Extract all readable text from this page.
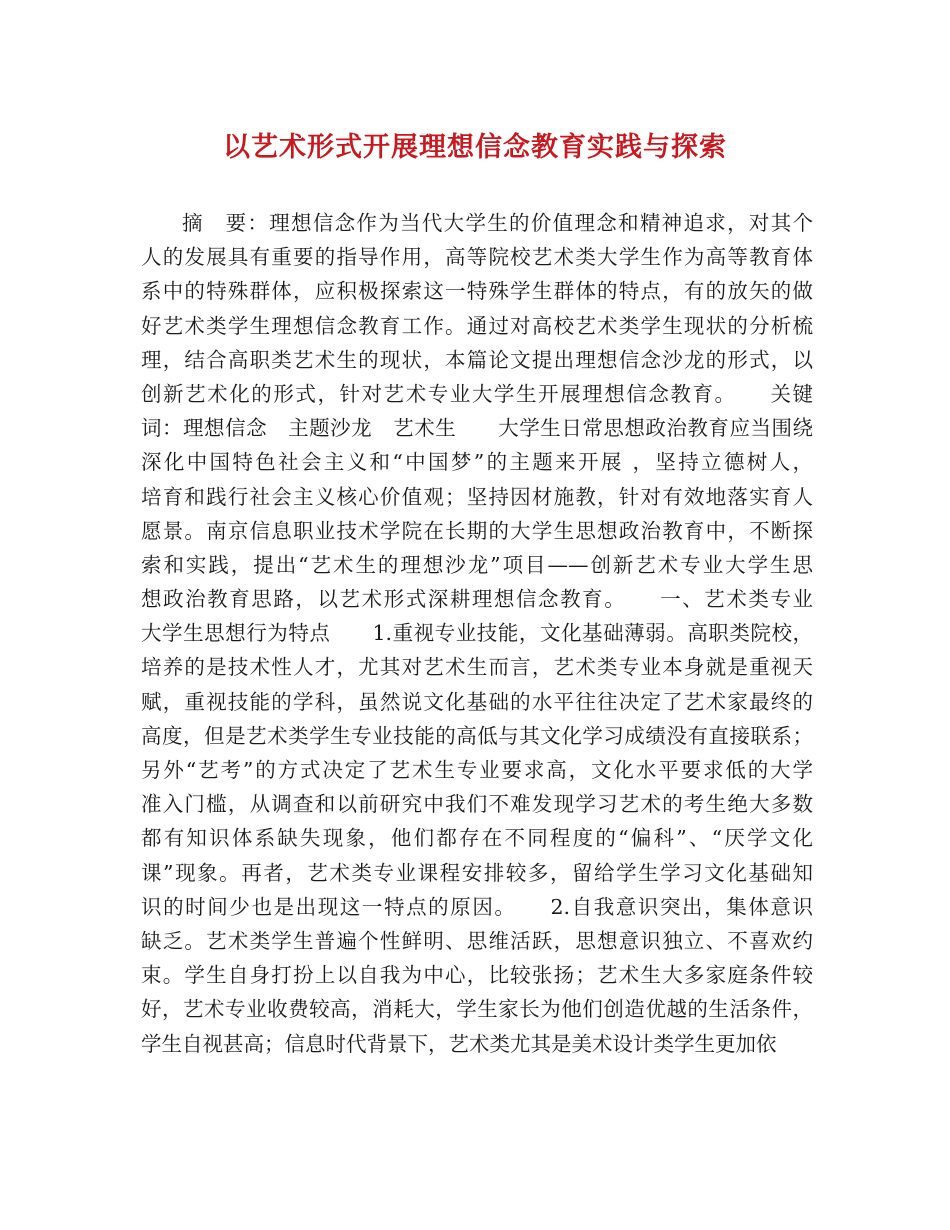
以艺术形式开展理想信念教育实践与探索
摘　要：理想信念作为当代大学生的价值理念和精神追求，对其个
人的发展具有重要的指导作用，高等院校艺术类大学生作为高等教育体
系中的特殊群体，应积极探索这一特殊学生群体的特点，有的放矢的做
好艺术类学生理想信念教育工作。通过对高校艺术类学生现状的分析梳
理，结合高职类艺术生的现状，本篇论文提出理想信念沙龙的形式，以
创新艺术化的形式，针对艺术专业大学生开展理想信念教育。　　关键
词：理想信念　主题沙龙　艺术生　　大学生日常思想政治教育应当围绕
深化中国特色社会主义和“中国梦”的主题来开展 ，坚持立德树人，
培育和践行社会主义核心价值观；坚持因材施教，针对有效地落实育人
愿景。南京信息职业技术学院在长期的大学生思想政治教育中，不断探
索和实践，提出“艺术生的理想沙龙”项目——创新艺术专业大学生思
想政治教育思路，以艺术形式深耕理想信念教育。　　一、艺术类专业
大学生思想行为特点　　1.重视专业技能，文化基础薄弱。高职类院校，
培养的是技术性人才，尤其对艺术生而言，艺术类专业本身就是重视天
赋，重视技能的学科，虽然说文化基础的水平往往决定了艺术家最终的
高度，但是艺术类学生专业技能的高低与其文化学习成绩没有直接联系；
另外“艺考”的方式决定了艺术生专业要求高，文化水平要求低的大学
准入门槛，从调查和以前研究中我们不难发现学习艺术的考生绝大多数
都有知识体系缺失现象，他们都存在不同程度的“偏科”、“厌学文化
课”现象。再者，艺术类专业课程安排较多，留给学生学习文化基础知
识的时间少也是出现这一特点的原因。　　2.自我意识突出，集体意识
缺乏。艺术类学生普遍个性鲜明、思维活跃，思想意识独立、不喜欢约
束。学生自身打扮上以自我为中心，比较张扬；艺术生大多家庭条件较
好，艺术专业收费较高，消耗大，学生家长为他们创造优越的生活条件，
学生自视甚高；信息时代背景下，艺术类尤其是美术设计类学生更加依
